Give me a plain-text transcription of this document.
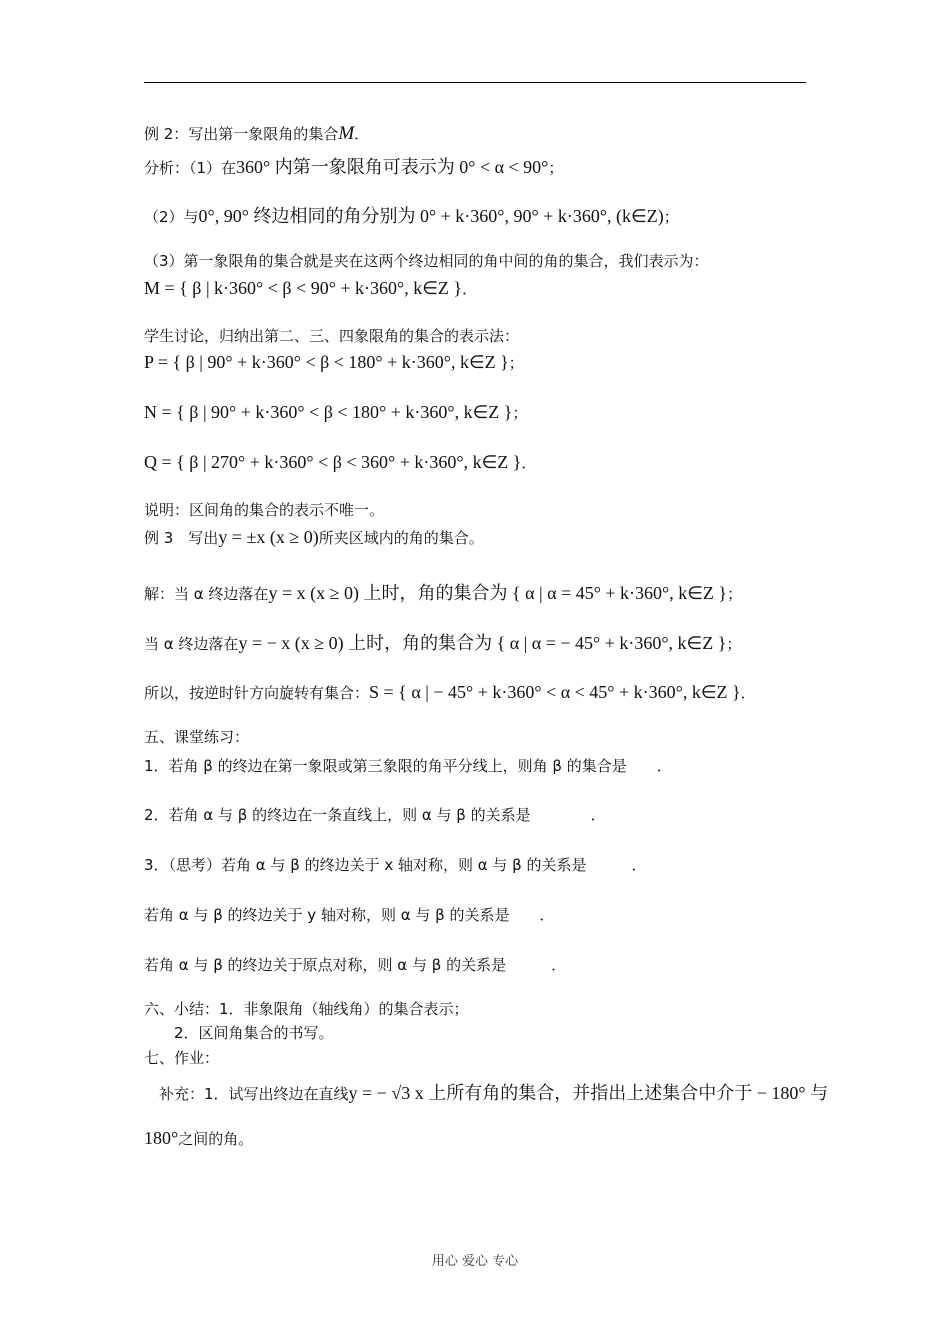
例 2：写出第一象限角的集合M．
分析：（1）在360° 内第一象限角可表示为 0° < α < 90°；
（2）与0°, 90° 终边相同的角分别为 0° + k·360°, 90° + k·360°, (k∈Z)；
（3）第一象限角的集合就是夹在这两个终边相同的角中间的角的集合，我们表示为：
M = { β | k·360° < β < 90° + k·360°, k∈Z }．
学生讨论，归纳出第二、三、四象限角的集合的表示法：
P = { β | 90° + k·360° < β < 180° + k·360°, k∈Z }；
N = { β | 90° + k·360° < β < 180° + k·360°, k∈Z }；
Q = { β | 270° + k·360° < β < 360° + k·360°, k∈Z }．
说明：区间角的集合的表示不唯一。
例 3　写出y = ±x (x ≥ 0)所夹区域内的角的集合。
解：当 α 终边落在y = x (x ≥ 0) 上时，角的集合为 { α | α = 45° + k·360°, k∈Z }；
当 α 终边落在y = − x (x ≥ 0) 上时，角的集合为 { α | α = − 45° + k·360°, k∈Z }；
所以，按逆时针方向旋转有集合：S = { α | − 45° + k·360° < α < 45° + k·360°, k∈Z }．
五、课堂练习：
1．若角 β 的终边在第一象限或第三象限的角平分线上，则角 β 的集合是　　．
2．若角 α 与 β 的终边在一条直线上，则 α 与 β 的关系是　　　　．
3．（思考）若角 α 与 β 的终边关于 x 轴对称，则 α 与 β 的关系是　　　．
若角 α 与 β 的终边关于 y 轴对称，则 α 与 β 的关系是　　．
若角 α 与 β 的终边关于原点对称，则 α 与 β 的关系是　　　．
六、小结：1．非象限角（轴线角）的集合表示；
　　2．区间角集合的书写。
七、作业：
　补充：1．试写出终边在直线y = − √3 x 上所有角的集合，并指出上述集合中介于 − 180° 与
180°之间的角。
用心 爱心 专心
